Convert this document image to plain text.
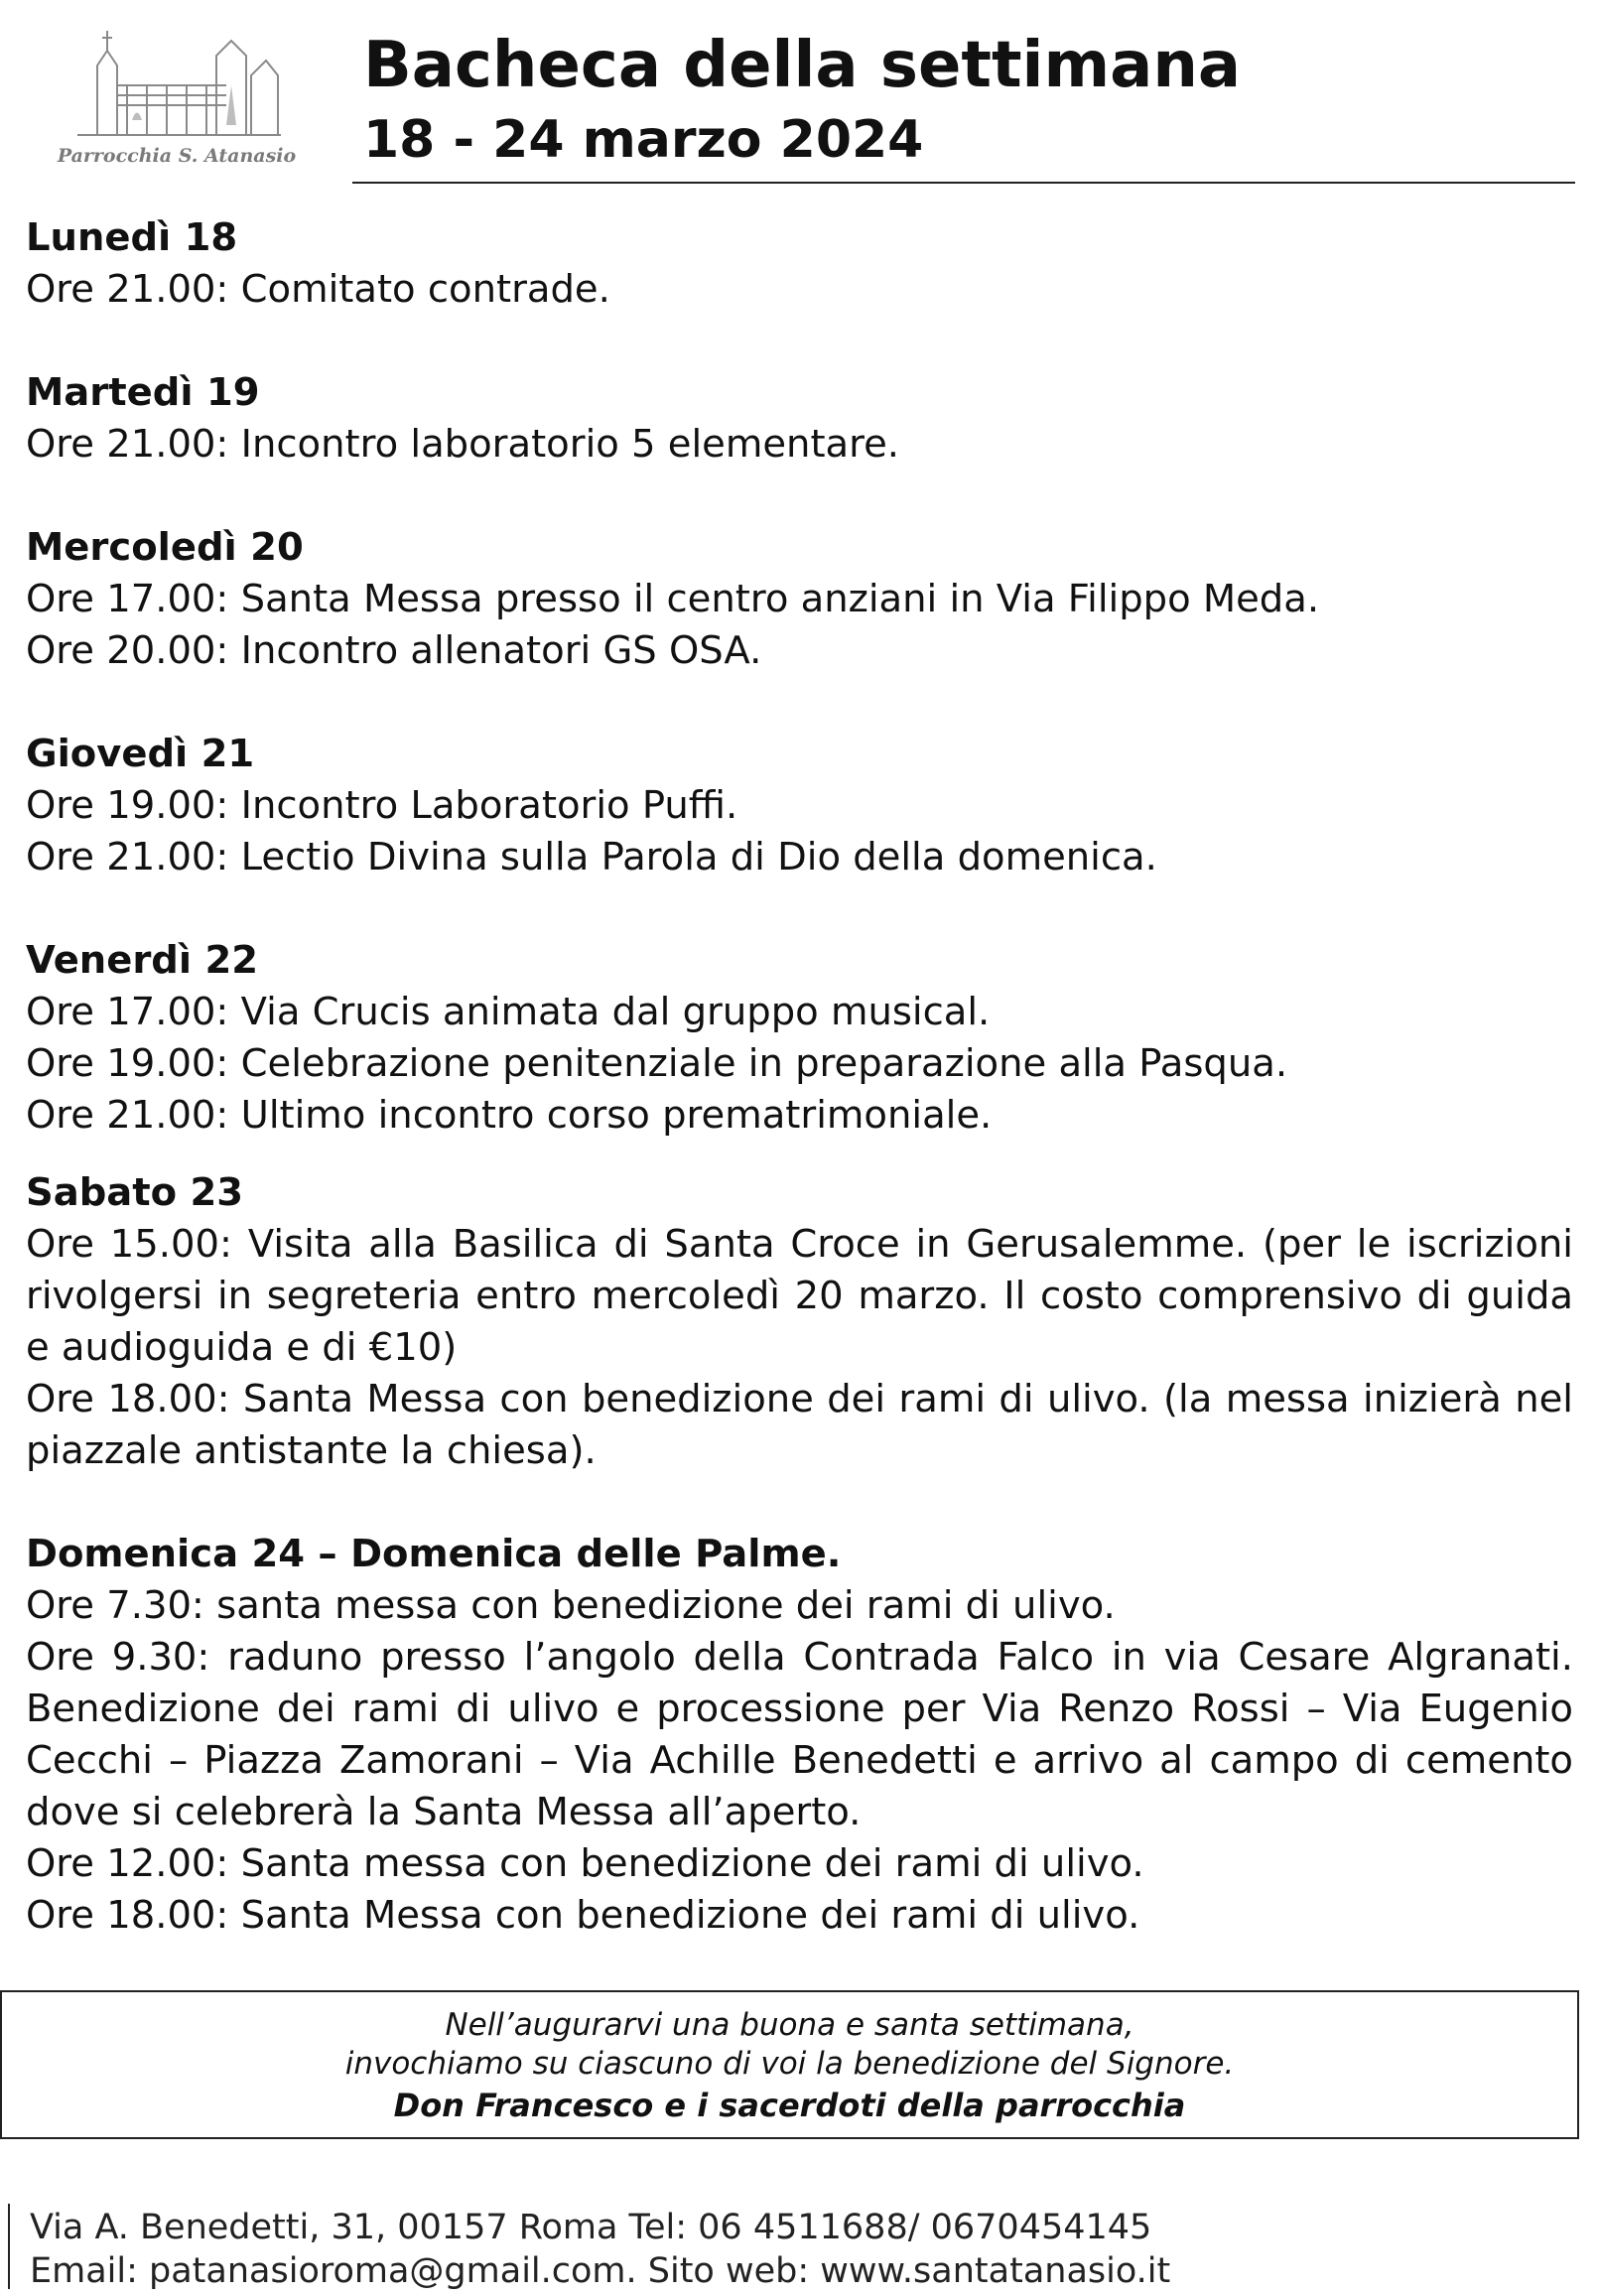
Parrocchia S. Atanasio
Bacheca della settimana
18 - 24 marzo 2024
Lunedì 18

Ore 21.00: Comitato contrade.

Martedì 19

Ore 21.00: Incontro laboratorio 5 elementare.

Mercoledì 20

Ore 17.00: Santa Messa presso il centro anziani in Via Filippo Meda.

Ore 20.00: Incontro allenatori GS OSA.

Giovedì 21

Ore 19.00: Incontro Laboratorio Puffi.

Ore 21.00: Lectio Divina sulla Parola di Dio della domenica.

Venerdì 22

Ore 17.00: Via Crucis animata dal gruppo musical.

Ore 19.00: Celebrazione penitenziale in preparazione alla Pasqua.

Ore 21.00: Ultimo incontro corso prematrimoniale.

Sabato 23

Ore 15.00: Visita alla Basilica di Santa Croce in Gerusalemme. (per le iscrizioni rivolgersi in segreteria entro mercoledì 20 marzo. Il costo comprensivo di guida e audioguida e di €10)

Ore 18.00: Santa Messa con benedizione dei rami di ulivo. (la messa inizierà nel piazzale antistante la chiesa).

Domenica 24 – Domenica delle Palme.

Ore 7.30: santa messa con benedizione dei rami di ulivo.

Ore 9.30: raduno presso l’angolo della Contrada Falco in via Cesare Algranati. Benedizione dei rami di ulivo e processione per Via Renzo Rossi – Via Eugenio Cecchi – Piazza Zamorani – Via Achille Benedetti e arrivo al campo di cemento dove si celebrerà la Santa Messa all’aperto.

Ore 12.00: Santa messa con benedizione dei rami di ulivo.

Ore 18.00: Santa Messa con benedizione dei rami di ulivo.

Nell’augurarvi una buona e santa settimana,
invochiamo su ciascuno di voi la benedizione del Signore.
Don Francesco e i sacerdoti della parrocchia
Via A. Benedetti, 31, 00157 Roma Tel: 06 4511688/ 0670454145
Email: patanasioroma@gmail.com. Sito web: www.santatanasio.it
